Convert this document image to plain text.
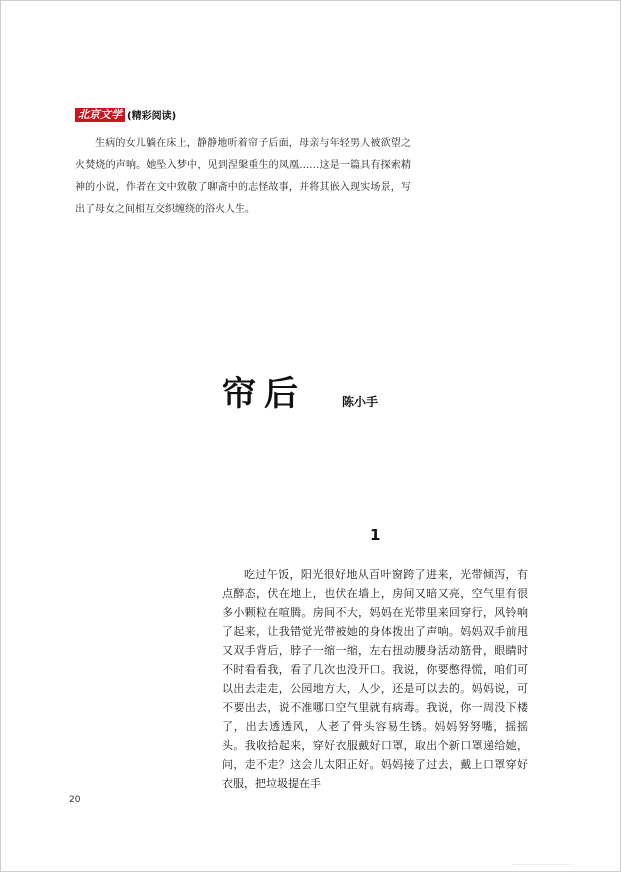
北京文学 (精彩阅读)

生病的女儿躺在床上，静静地听着帘子后面，母亲与年轻男人被欲望之火焚烧的声响。她坠入梦中，见到涅槃重生的凤凰……这是一篇具有探索精神的小说，作者在文中致敬了聊斋中的志怪故事，并将其嵌入现实场景，写出了母女之间相互交织缠绕的浴火人生。

帘后	陈小手
1

吃过午饭，阳光很好地从百叶窗跨了进来，光带倾泻，有点醉态，伏在地上，也伏在墙上，房间又暗又亮，空气里有很多小颗粒在喧腾。房间不大，妈妈在光带里来回穿行，风铃响了起来，让我错觉光带被她的身体拨出了声响。妈妈双手前甩又双手背后，脖子一缩一缩，左右扭动腰身活动筋骨，眼睛时不时看看我，看了几次也没开口。我说，你要憋得慌，咱们可以出去走走，公园地方大，人少，还是可以去的。妈妈说，可不要出去，说不准哪口空气里就有病毒。我说，你一周没下楼了，出去透透风，人老了骨头容易生锈。妈妈努努嘴，摇摇头。我收拾起来，穿好衣服戴好口罩，取出个新口罩递给她，问，走不走？这会儿太阳正好。妈妈接了过去，戴上口罩穿好衣服，把垃圾提在手

20
